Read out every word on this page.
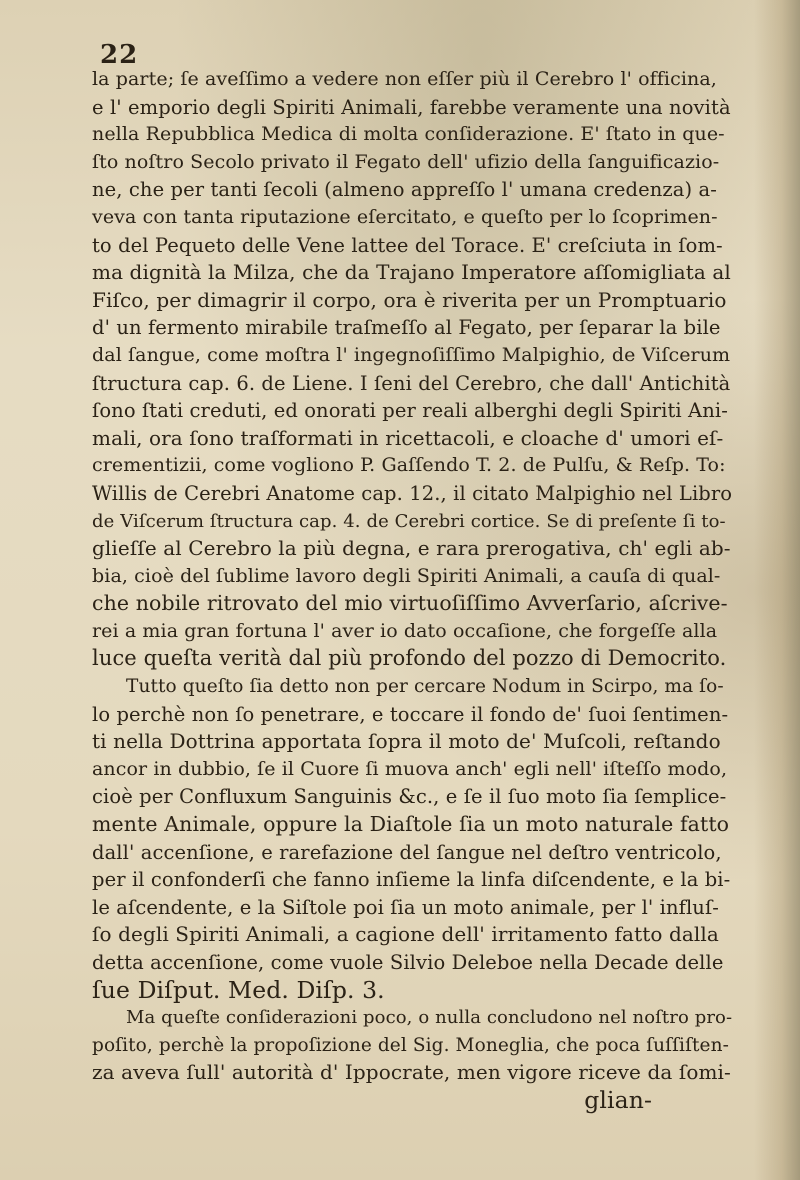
22
la parte; ſe aveſſimo a vedere non eſſer più il Cerebro l' officina,
e l' emporio degli Spiriti Animali, farebbe veramente una novità
nella Repubblica Medica di molta conſiderazione. E' ſtato in que-
ſto noſtro Secolo privato il Fegato dell' ufizio della ſanguificazio-
ne, che per tanti ſecoli (almeno appreſſo l' umana credenza) a-
veva con tanta riputazione eſercitato, e queſto per lo ſcoprimen-
to del Pequeto delle Vene lattee del Torace. E' creſciuta in ſom-
ma dignità la Milza, che da Trajano Imperatore aſſomigliata al
Fiſco, per dimagrir il corpo, ora è riverita per un Promptuario
d' un fermento mirabile traſmeſſo al Fegato, per ſeparar la bile
dal ſangue, come moſtra l' ingegnoſiſſimo Malpighio, de Viſcerum
ſtructura cap. 6. de Liene. I ſeni del Cerebro, che dall' Antichità
ſono ſtati creduti, ed onorati per reali alberghi degli Spiriti Ani-
mali, ora ſono traſformati in ricettacoli, e cloache d' umori eſ-
crementizii, come vogliono P. Gaſſendo T. 2. de Pulſu, & Reſp. To:
Willis de Cerebri Anatome cap. 12., il citato Malpighio nel Libro
de Viſcerum ſtructura cap. 4. de Cerebri cortice. Se di preſente ſi to-
glieſſe al Cerebro la più degna, e rara prerogativa, ch' egli ab-
bia, cioè del ſublime lavoro degli Spiriti Animali, a cauſa di qual-
che nobile ritrovato del mio virtuoſiſſimo Avverſario, aſcrive-
rei a mia gran fortuna l' aver io dato occaſione, che forgeſſe alla
luce queſta verità dal più profondo del pozzo di Democrito.
Tutto queſto ſia detto non per cercare Nodum in Scirpo, ma ſo-
lo perchè non ſo penetrare, e toccare il fondo de' ſuoi ſentimen-
ti nella Dottrina apportata ſopra il moto de' Muſcoli, reſtando
ancor in dubbio, ſe il Cuore ſi muova anch' egli nell' iſteſſo modo,
cioè per Confluxum Sanguinis &c., e ſe il ſuo moto ſia ſemplice-
mente Animale, oppure la Diaſtole ſia un moto naturale fatto
dall' accenſione, e rarefazione del ſangue nel deſtro ventricolo,
per il confonderſi che fanno inſieme la linfa diſcendente, e la bi-
le aſcendente, e la Siſtole poi ſia un moto animale, per l' influſ-
ſo degli Spiriti Animali, a cagione dell' irritamento fatto dalla
detta accenſione, come vuole Silvio Deleboe nella Decade delle
ſue Diſput. Med. Diſp. 3.
Ma queſte conſiderazioni poco, o nulla concludono nel noſtro pro-
poſito, perchè la propoſizione del Sig. Moneglia, che poca ſuſſiſten-
za aveva ſull' autorità d' Ippocrate, men vigore riceve da ſomi-
glian-
